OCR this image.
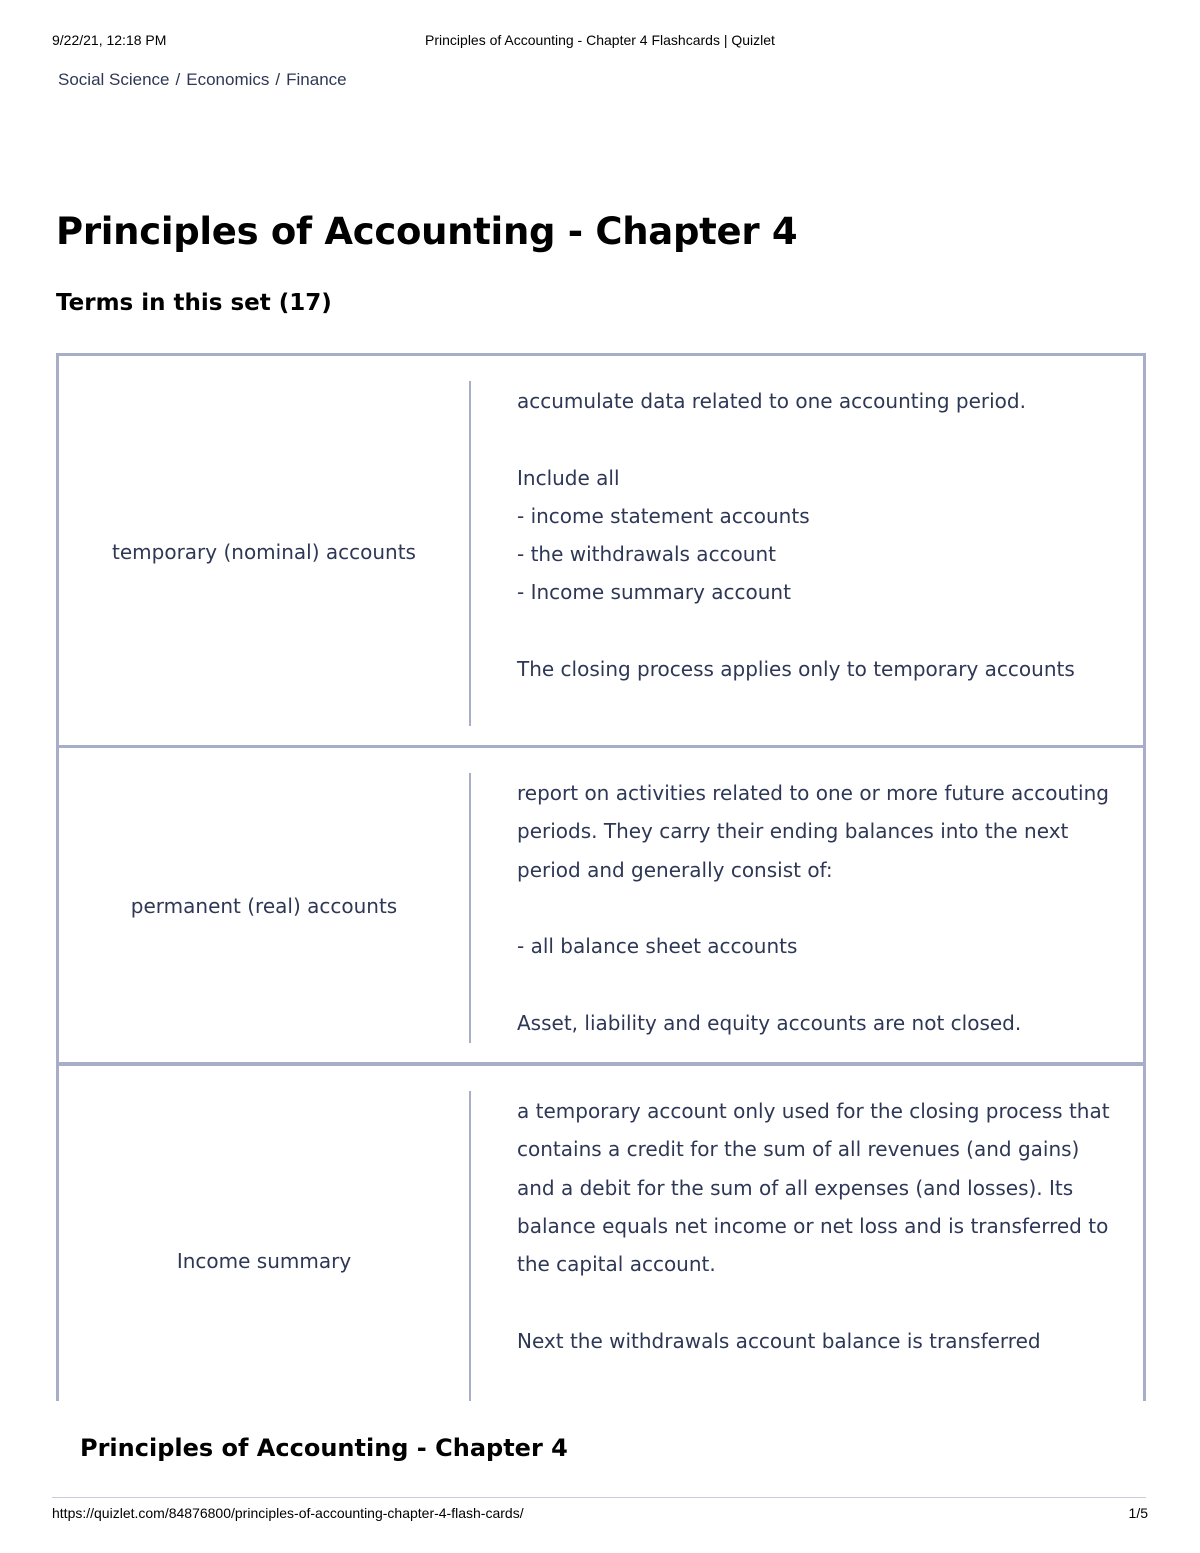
9/22/21, 12:18 PM	Principles of Accounting - Chapter 4 Flashcards | Quizlet
Social Science / Economics / Finance
Principles of Accounting - Chapter 4
Terms in this set (17)
temporary (nominal) accounts
accumulate data related to one accounting period.

Include all
- income statement accounts
- the withdrawals account
- Income summary account

The closing process applies only to temporary accounts
permanent (real) accounts
report on activities related to one or more future accouting periods. They carry their ending balances into the next period and generally consist of:

- all balance sheet accounts

Asset, liability and equity accounts are not closed.
Income summary
a temporary account only used for the closing process that contains a credit for the sum of all revenues (and gains) and a debit for the sum of all expenses (and losses). Its balance equals net income or net loss and is transferred to the capital account.

Next the withdrawals account balance is transferred
Principles of Accounting - Chapter 4
https://quizlet.com/84876800/principles-of-accounting-chapter-4-flash-cards/	1/5
